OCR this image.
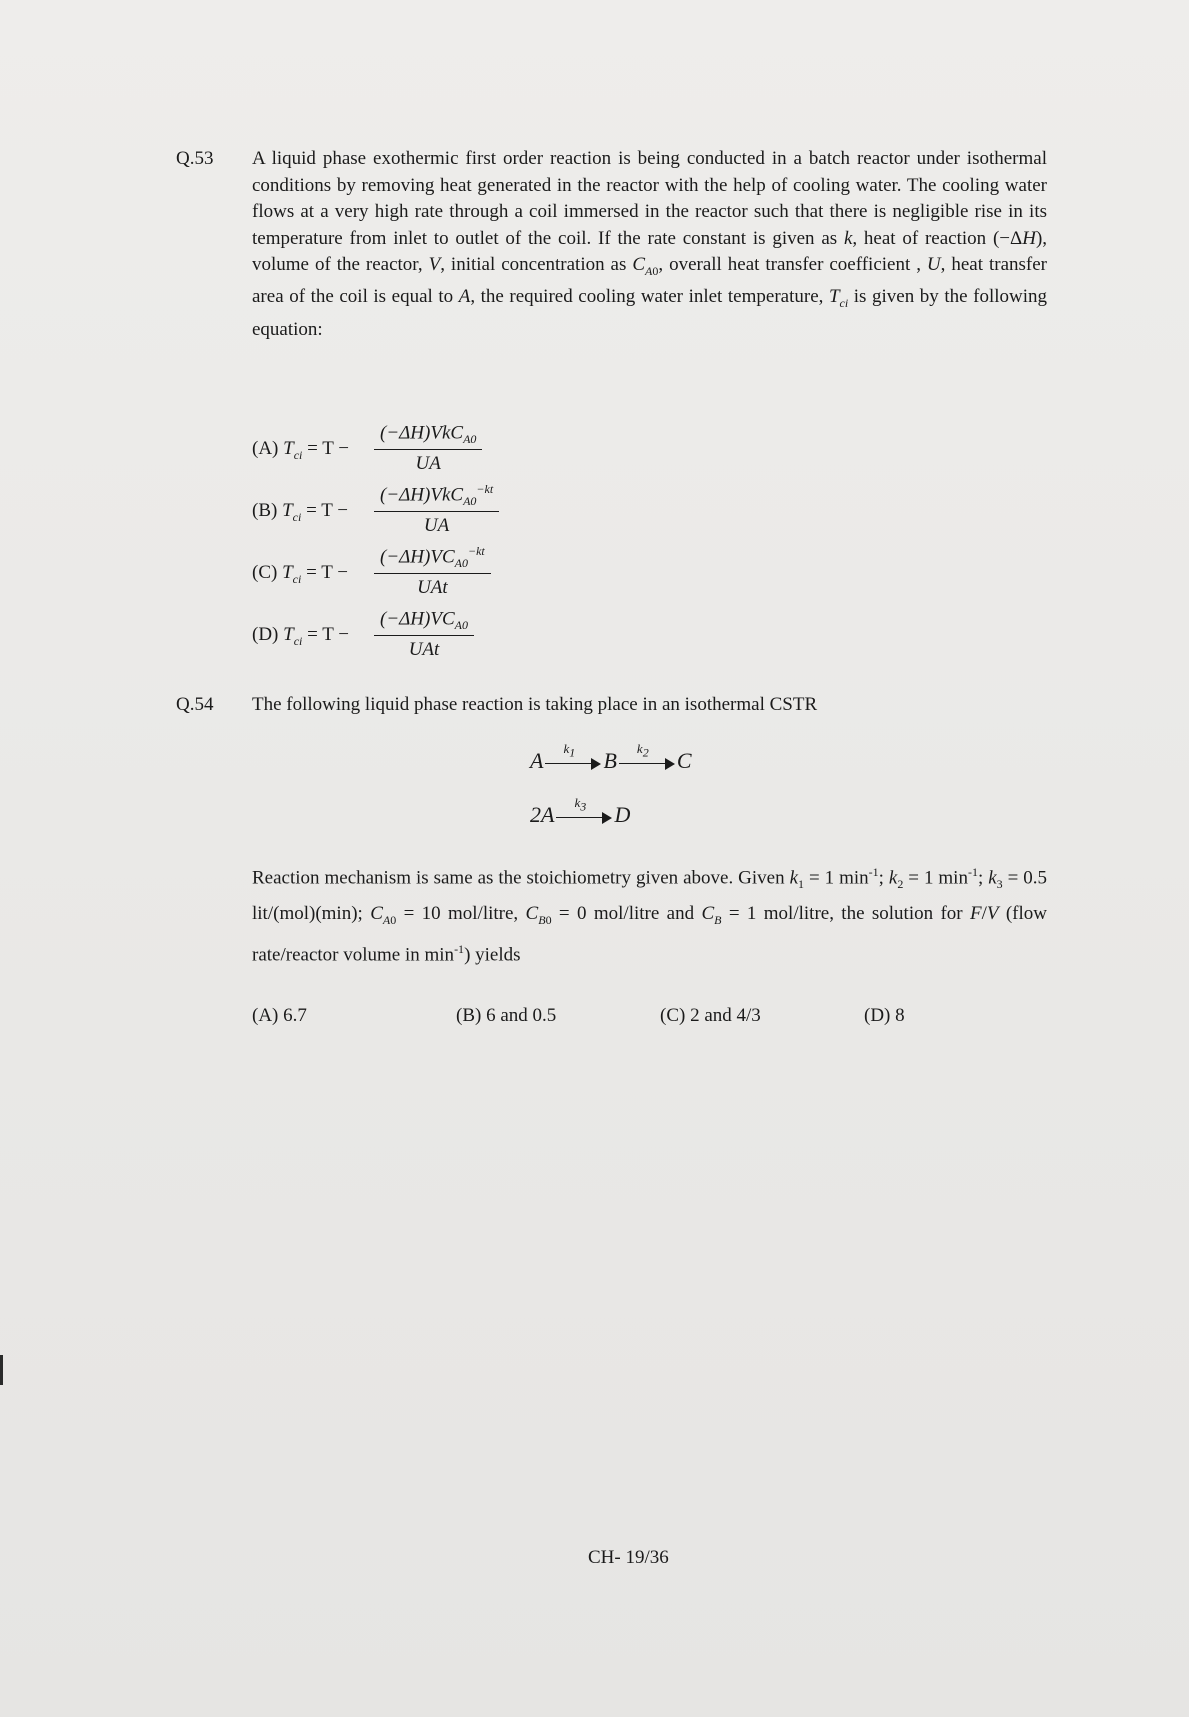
Q.53 A liquid phase exothermic first order reaction is being conducted in a batch reactor under isothermal conditions by removing heat generated in the reactor with the help of cooling water. The cooling water flows at a very high rate through a coil immersed in the reactor such that there is negligible rise in its temperature from inlet to outlet of the coil. If the rate constant is given as k, heat of reaction (−ΔH), volume of the reactor, V, initial concentration as $C_{A0}$, overall heat transfer coefficient , U, heat transfer area of the coil is equal to A, the required cooling water inlet temperature, $T_{ci}$ is given by the following equation:
(A) $T_{ci} = T$ −
(−ΔH)VkC$_{A0}$
UA
(B) $T_{ci} = T$ −
(−ΔH)VkC$_{A0}^{-kt}$
UA
(C) $T_{ci} = T$ −
$(-\Delta H)VC_{A0}^{-kt}$
UAt
(D) $T_{ci} = T$ −
$(-\Delta H)VC_{A0}$
UAt
Q.54 The following liquid phase reaction is taking place in an isothermal CSTR
A $k_1$ B $k_2$ C
2A $k_3$ D
Reaction mechanism is same as the stoichiometry given above. Given $k_1 = 1$ $\min^{-1}$; $k_2 = 1$ $\min^{-1}$; $k_3 = 0.5$ lit/(mol)(min); $C_{A0} = 10$ mol/litre, $C_{B0} = 0$ mol/litre and $C_B = 1$ mol/litre, the solution for F/V (flow rate/reactor volume in $\min^{-1}$) yields
(A) 6.7	(B) 6 and 0.5	(C) 2 and 4/3	(D) 8
CH- 19/36
